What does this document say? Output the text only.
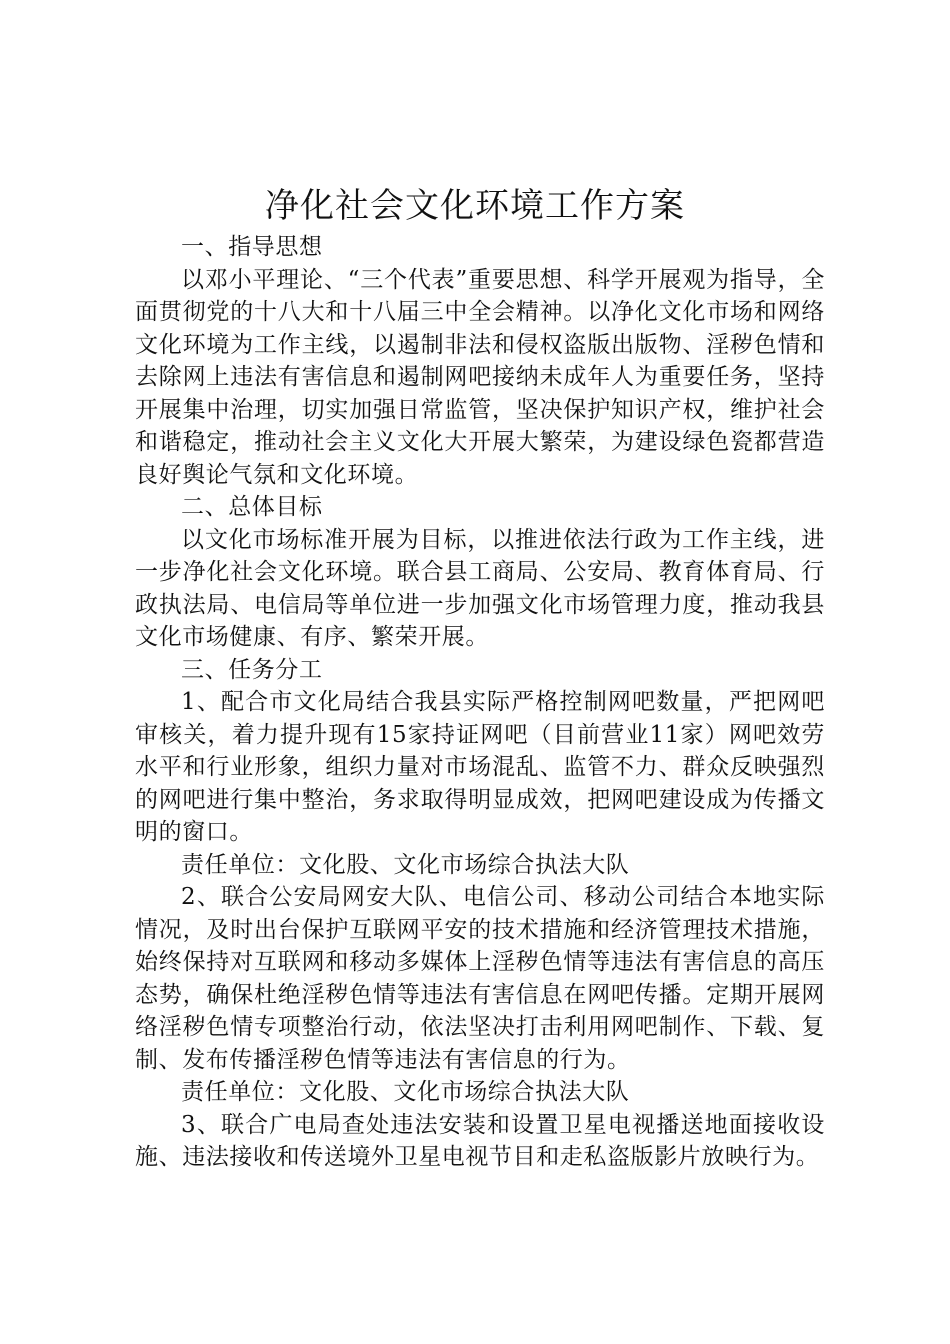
净化社会文化环境工作方案

一、指导思想

以邓小平理论、“三个代表”重要思想、科学开展观为指导，全面贯彻党的十八大和十八届三中全会精神。以净化文化市场和网络文化环境为工作主线，以遏制非法和侵权盗版出版物、淫秽色情和去除网上违法有害信息和遏制网吧接纳未成年人为重要任务，坚持开展集中治理，切实加强日常监管，坚决保护知识产权，维护社会和谐稳定，推动社会主义文化大开展大繁荣，为建设绿色瓷都营造良好舆论气氛和文化环境。

二、总体目标

以文化市场标准开展为目标，以推进依法行政为工作主线，进一步净化社会文化环境。联合县工商局、公安局、教育体育局、行政执法局、电信局等单位进一步加强文化市场管理力度，推动我县文化市场健康、有序、繁荣开展。

三、任务分工

1、配合市文化局结合我县实际严格控制网吧数量，严把网吧审核关，着力提升现有15家持证网吧（目前营业11家）网吧效劳水平和行业形象，组织力量对市场混乱、监管不力、群众反映强烈的网吧进行集中整治，务求取得明显成效，把网吧建设成为传播文明的窗口。

责任单位：文化股、文化市场综合执法大队

2、联合公安局网安大队、电信公司、移动公司结合本地实际情况，及时出台保护互联网平安的技术措施和经济管理技术措施，始终保持对互联网和移动多媒体上淫秽色情等违法有害信息的高压态势，确保杜绝淫秽色情等违法有害信息在网吧传播。定期开展网络淫秽色情专项整治行动，依法坚决打击利用网吧制作、下载、复制、发布传播淫秽色情等违法有害信息的行为。

责任单位：文化股、文化市场综合执法大队

3、联合广电局查处违法安装和设置卫星电视播送地面接收设施、违法接收和传送境外卫星电视节目和走私盗版影片放映行为。
